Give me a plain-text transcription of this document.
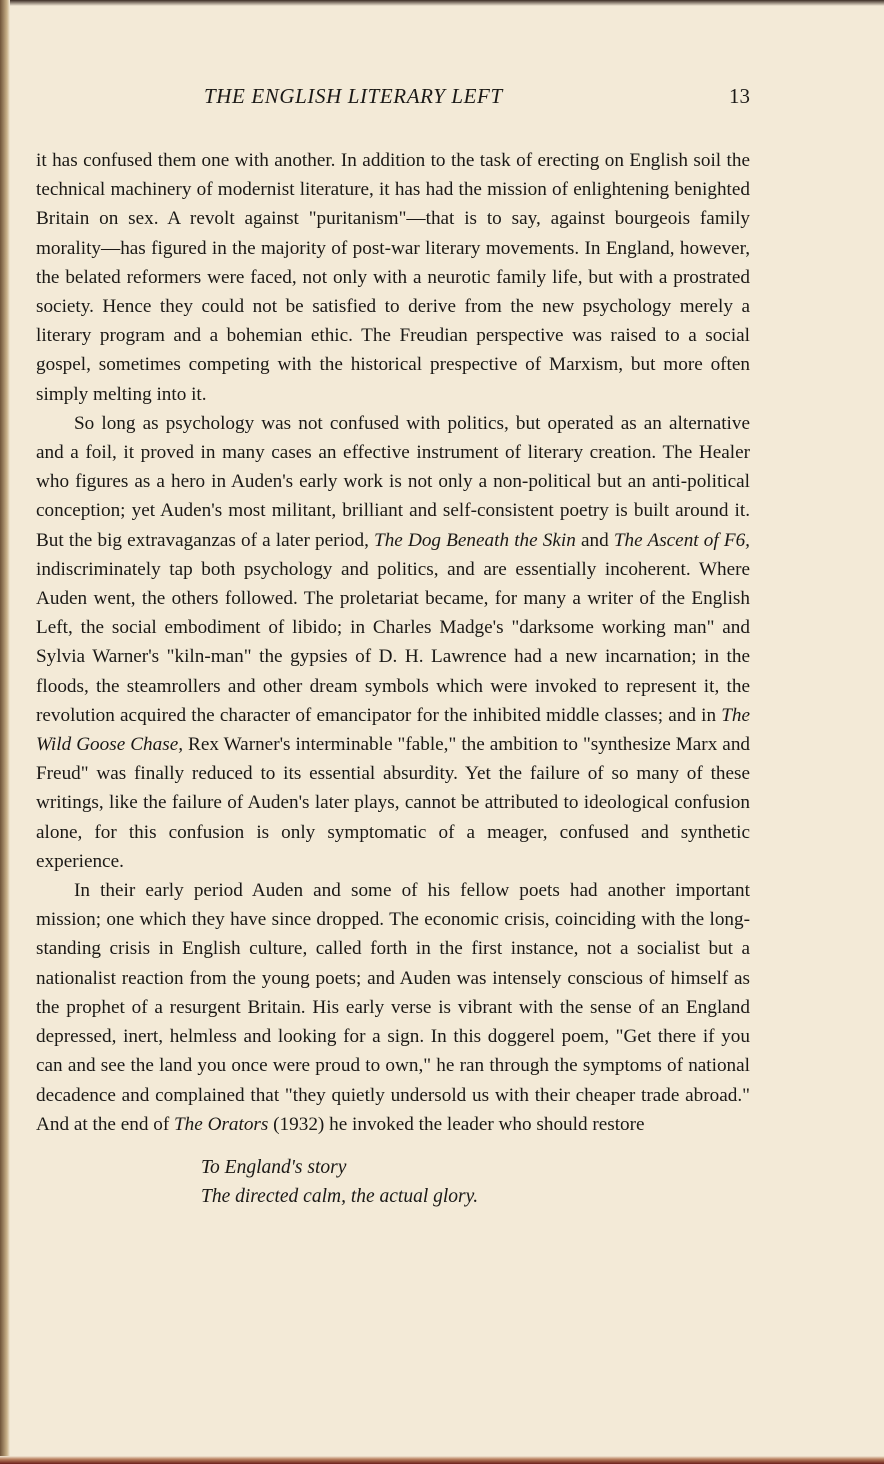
THE ENGLISH LITERARY LEFT	13

it has confused them one with another. In addition to the task of erecting on English soil the technical machinery of modernist literature, it has had the mission of enlightening benighted Britain on sex. A revolt against "puritanism"—that is to say, against bourgeois family morality—has figured in the majority of post-war literary movements. In England, however, the belated reformers were faced, not only with a neurotic family life, but with a prostrated society. Hence they could not be satisfied to derive from the new psychology merely a literary program and a bohemian ethic. The Freudian perspective was raised to a social gospel, sometimes competing with the historical prespective of Marxism, but more often simply melting into it.

So long as psychology was not confused with politics, but operated as an alternative and a foil, it proved in many cases an effective instrument of literary creation. The Healer who figures as a hero in Auden's early work is not only a non-political but an anti-political conception; yet Auden's most militant, brilliant and self-consistent poetry is built around it. But the big extravaganzas of a later period, The Dog Beneath the Skin and The Ascent of F6, indiscriminately tap both psychology and politics, and are essentially incoherent. Where Auden went, the others followed. The proletariat became, for many a writer of the English Left, the social embodiment of libido; in Charles Madge's "darksome working man" and Sylvia Warner's "kiln-man" the gypsies of D. H. Lawrence had a new incarnation; in the floods, the steamrollers and other dream symbols which were invoked to represent it, the revolution acquired the character of emancipator for the inhibited middle classes; and in The Wild Goose Chase, Rex Warner's interminable "fable," the ambition to "synthesize Marx and Freud" was finally reduced to its essential absurdity. Yet the failure of so many of these writings, like the failure of Auden's later plays, cannot be attributed to ideological confusion alone, for this confusion is only symptomatic of a meager, confused and synthetic experience.

In their early period Auden and some of his fellow poets had another important mission; one which they have since dropped. The economic crisis, coinciding with the long-standing crisis in English culture, called forth in the first instance, not a socialist but a nationalist reaction from the young poets; and Auden was intensely conscious of himself as the prophet of a resurgent Britain. His early verse is vibrant with the sense of an England depressed, inert, helmless and looking for a sign. In this doggerel poem, "Get there if you can and see the land you once were proud to own," he ran through the symptoms of national decadence and complained that "they quietly undersold us with their cheaper trade abroad." And at the end of The Orators (1932) he invoked the leader who should restore

To England's story
The directed calm, the actual glory.
